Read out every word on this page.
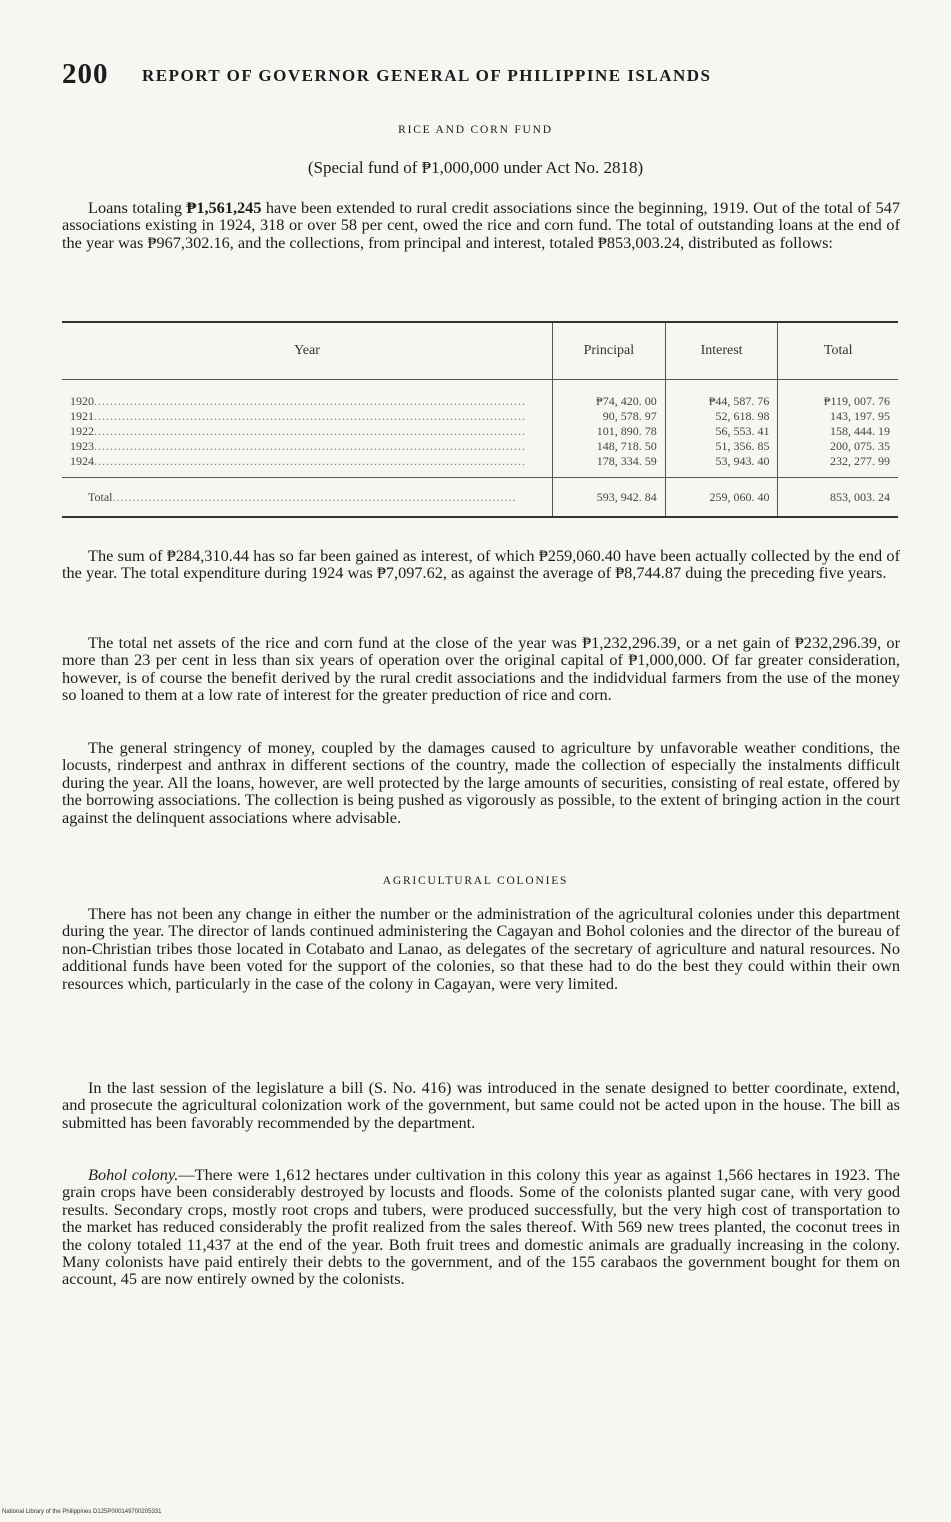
200 REPORT OF GOVERNOR GENERAL OF PHILIPPINE ISLANDS
RICE AND CORN FUND
(Special fund of ₱1,000,000 under Act No. 2818)

Loans totaling ₱1,561,245 have been extended to rural credit associations since the beginning, 1919. Out of the total of 547 associations existing in 1924, 318 or over 58 per cent, owed the rice and corn fund. The total of outstanding loans at the end of the year was ₱967,302.16, and the collections, from principal and interest, totaled ₱853,003.24, distributed as follows:

Year	Principal	Interest	Total
1920............................................................................................................	₱74, 420. 00	₱44, 587. 76	₱119, 007. 76
1921............................................................................................................	90, 578. 97	52, 618. 98	143, 197. 95
1922............................................................................................................	101, 890. 78	56, 553. 41	158, 444. 19
1923............................................................................................................	148, 718. 50	51, 356. 85	200, 075. 35
1924............................................................................................................	178, 334. 59	53, 943. 40	232, 277. 99
Total.....................................................................................................	593, 942. 84	259, 060. 40	853, 003. 24

The sum of ₱284,310.44 has so far been gained as interest, of which ₱259,060.40 have been actually collected by the end of the year. The total expenditure during 1924 was ₱7,097.62, as against the average of ₱8,744.87 duing the preceding five years.

The total net assets of the rice and corn fund at the close of the year was ₱1,232,296.39, or a net gain of ₱232,296.39, or more than 23 per cent in less than six years of operation over the original capital of ₱1,000,000. Of far greater consideration, however, is of course the benefit derived by the rural credit associations and the indidvidual farmers from the use of the money so loaned to them at a low rate of interest for the greater preduction of rice and corn.

The general stringency of money, coupled by the damages caused to agriculture by unfavorable weather conditions, the locusts, rinderpest and anthrax in different sections of the country, made the collection of especially the instalments difficult during the year. All the loans, however, are well protected by the large amounts of securities, consisting of real estate, offered by the borrowing associations. The collection is being pushed as vigorously as possible, to the extent of bringing action in the court against the delinquent associations where advisable.

AGRICULTURAL COLONIES

There has not been any change in either the number or the administration of the agricultural colonies under this department during the year. The director of lands continued administering the Cagayan and Bohol colonies and the director of the bureau of non-Christian tribes those located in Cotabato and Lanao, as delegates of the secretary of agriculture and natural resources. No additional funds have been voted for the support of the colonies, so that these had to do the best they could within their own resources which, particularly in the case of the colony in Cagayan, were very limited.

In the last session of the legislature a bill (S. No. 416) was introduced in the senate designed to better coordinate, extend, and prosecute the agricultural colonization work of the government, but same could not be acted upon in the house. The bill as submitted has been favorably recommended by the department.

Bohol colony.—There were 1,612 hectares under cultivation in this colony this year as against 1,566 hectares in 1923. The grain crops have been considerably destroyed by locusts and floods. Some of the colonists planted sugar cane, with very good results. Secondary crops, mostly root crops and tubers, were produced successfully, but the very high cost of transportation to the market has reduced considerably the profit realized from the sales thereof. With 569 new trees planted, the coconut trees in the colony totaled 11,437 at the end of the year. Both fruit trees and domestic animals are gradually increasing in the colony. Many colonists have paid entirely their debts to the government, and of the 155 carabaos the government bought for them on account, 45 are now entirely owned by the colonists.

National Library of the Philippines D125P000149700205331
